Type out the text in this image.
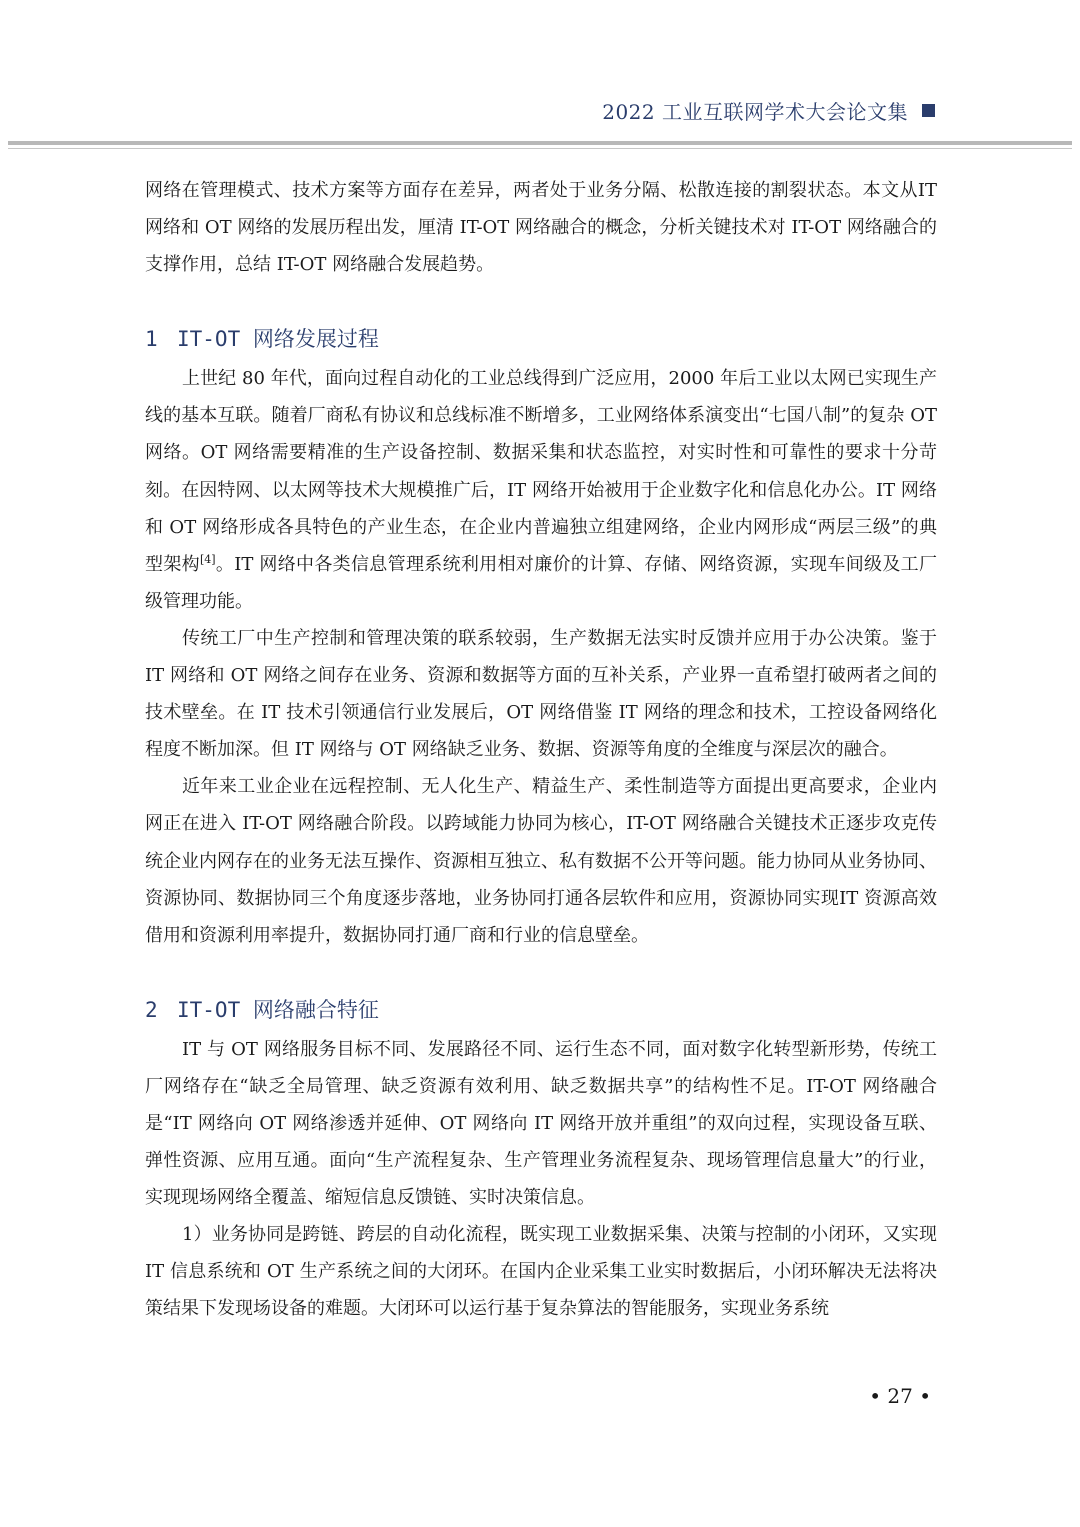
2022 工业互联网学术大会论文集

网络在管理模式、技术方案等方面存在差异，两者处于业务分隔、松散连接的割裂状态。本文从IT 网络和 OT 网络的发展历程出发，厘清 IT-OT 网络融合的概念，分析关键技术对 IT-OT 网络融合的支撑作用，总结 IT-OT 网络融合发展趋势。

1 IT-OT 网络发展过程

上世纪 80 年代，面向过程自动化的工业总线得到广泛应用，2000 年后工业以太网已实现生产线的基本互联。随着厂商私有协议和总线标准不断增多，工业网络体系演变出“七国八制”的复杂 OT 网络。OT 网络需要精准的生产设备控制、数据采集和状态监控，对实时性和可靠性的要求十分苛刻。在因特网、以太网等技术大规模推广后，IT 网络开始被用于企业数字化和信息化办公。IT 网络和 OT 网络形成各具特色的产业生态，在企业内普遍独立组建网络，企业内网形成“两层三级”的典型架构[4]。IT 网络中各类信息管理系统利用相对廉价的计算、存储、网络资源，实现车间级及工厂级管理功能。

传统工厂中生产控制和管理决策的联系较弱，生产数据无法实时反馈并应用于办公决策。鉴于 IT 网络和 OT 网络之间存在业务、资源和数据等方面的互补关系，产业界一直希望打破两者之间的技术壁垒。在 IT 技术引领通信行业发展后，OT 网络借鉴 IT 网络的理念和技术，工控设备网络化程度不断加深。但 IT 网络与 OT 网络缺乏业务、数据、资源等角度的全维度与深层次的融合。

近年来工业企业在远程控制、无人化生产、精益生产、柔性制造等方面提出更高要求，企业内网正在进入 IT-OT 网络融合阶段。以跨域能力协同为核心，IT-OT 网络融合关键技术正逐步攻克传统企业内网存在的业务无法互操作、资源相互独立、私有数据不公开等问题。能力协同从业务协同、资源协同、数据协同三个角度逐步落地，业务协同打通各层软件和应用，资源协同实现IT 资源高效借用和资源利用率提升，数据协同打通厂商和行业的信息壁垒。

2 IT-OT 网络融合特征

IT 与 OT 网络服务目标不同、发展路径不同、运行生态不同，面对数字化转型新形势，传统工厂网络存在“缺乏全局管理、缺乏资源有效利用、缺乏数据共享”的结构性不足。IT-OT 网络融合是“IT 网络向 OT 网络渗透并延伸、OT 网络向 IT 网络开放并重组”的双向过程，实现设备互联、弹性资源、应用互通。面向“生产流程复杂、生产管理业务流程复杂、现场管理信息量大”的行业，实现现场网络全覆盖、缩短信息反馈链、实时决策信息。

1）业务协同是跨链、跨层的自动化流程，既实现工业数据采集、决策与控制的小闭环，又实现 IT 信息系统和 OT 生产系统之间的大闭环。在国内企业采集工业实时数据后，小闭环解决无法将决策结果下发现场设备的难题。大闭环可以运行基于复杂算法的智能服务，实现业务系统

• 27 •
